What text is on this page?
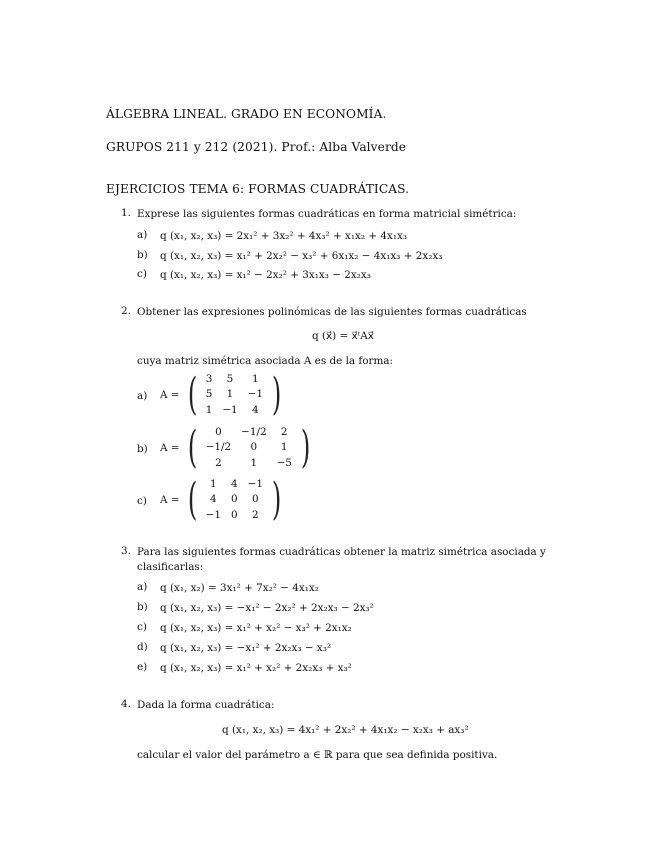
ÁLGEBRA LINEAL. GRADO EN ECONOMÍA.
GRUPOS 211 y 212 (2021). Prof.: Alba Valverde
EJERCICIOS TEMA 6: FORMAS CUADRÁTICAS.
1. Exprese las siguientes formas cuadráticas en forma matricial simétrica:
a) q (x₁, x₂, x₃) = 2x₁² + 3x₂² + 4x₃² + x₁x₂ + 4x₁x₃
b) q (x₁, x₂, x₃) = x₁² + 2x₂² − x₃² + 6x₁x₂ − 4x₁x₃ + 2x₂x₃
c) q (x₁, x₂, x₃) = x₁² − 2x₂² + 3x₁x₃ − 2x₂x₃
2. Obtener las expresiones polinómicas de las siguientes formas cuadráticas
q (x⃗) = x⃗ᵗAx⃗
cuya matriz simétrica asociada A es de la forma:
a) A = ( 3	5	1
5	1	−1
1	−1	4 )
b) A = ( 0	−1/2	2
−1/2	0	1
2	1	−5 )
c) A = ( 1	4	−1
4	0	0
−1	0	2 )
3. Para las siguientes formas cuadráticas obtener la matriz simétrica asociada y
clasificarlas:
a) q (x₁, x₂) = 3x₁² + 7x₂² − 4x₁x₂
b) q (x₁, x₂, x₃) = −x₁² − 2x₂² + 2x₂x₃ − 2x₃²
c) q (x₁, x₂, x₃) = x₁² + x₂² − x₃² + 2x₁x₂
d) q (x₁, x₂, x₃) = −x₁² + 2x₂x₃ − x₃²
e) q (x₁, x₂, x₃) = x₁² + x₂² + 2x₂x₃ + x₃²
4. Dada la forma cuadrática:
q (x₁, x₂, x₃) = 4x₁² + 2x₂² + 4x₁x₂ − x₂x₃ + ax₃²
calcular el valor del parámetro a ∈ ℝ para que sea definida positiva.
